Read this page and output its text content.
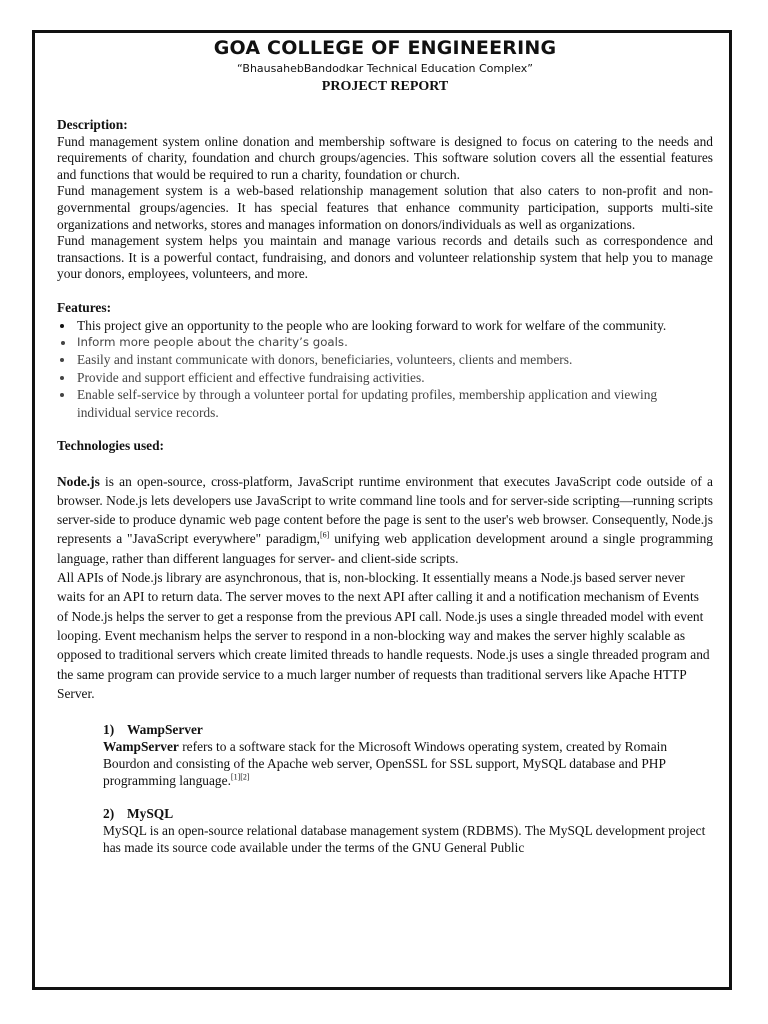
GOA COLLEGE OF ENGINEERING

“BhausahebBandodkar Technical Education Complex”

PROJECT REPORT

Description:

Fund management system online donation and membership software is designed to focus on catering to the needs and requirements of charity, foundation and church groups/agencies. This software solution covers all the essential features and functions that would be required to run a charity, foundation or church.

Fund management system is a web-based relationship management solution that also caters to non-profit and non-governmental groups/agencies. It has special features that enhance community participation, supports multi-site organizations and networks, stores and manages information on donors/individuals as well as organizations.

Fund management system helps you maintain and manage various records and details such as correspondence and transactions. It is a powerful contact, fundraising, and donors and volunteer relationship system that help you to manage your donors, employees, volunteers, and more.

Features:

• This project give an opportunity to the people who are looking forward to work for welfare of the community.
• Inform more people about the charity’s goals.
• Easily and instant communicate with donors, beneficiaries, volunteers, clients and members.
• Provide and support efficient and effective fundraising activities.
• Enable self-service by through a volunteer portal for updating profiles, membership application and viewing individual service records.

Technologies used:

Node.js is an open-source, cross-platform, JavaScript runtime environment that executes JavaScript code outside of a browser. Node.js lets developers use JavaScript to write command line tools and for server-side scripting—running scripts server-side to produce dynamic web page content before the page is sent to the user's web browser. Consequently, Node.js represents a "JavaScript everywhere" paradigm,[6] unifying web application development around a single programming language, rather than different languages for server- and client-side scripts.

All APIs of Node.js library are asynchronous, that is, non-blocking. It essentially means a Node.js based server never waits for an API to return data. The server moves to the next API after calling it and a notification mechanism of Events of Node.js helps the server to get a response from the previous API call. Node.js uses a single threaded model with event looping. Event mechanism helps the server to respond in a non-blocking way and makes the server highly scalable as opposed to traditional servers which create limited threads to handle requests. Node.js uses a single threaded program and the same program can provide service to a much larger number of requests than traditional servers like Apache HTTP Server.

1) WampServer

WampServer refers to a software stack for the Microsoft Windows operating system, created by Romain Bourdon and consisting of the Apache web server, OpenSSL for SSL support, MySQL database and PHP programming language.[1][2]

2) MySQL

MySQL is an open-source relational database management system (RDBMS). The MySQL development project has made its source code available under the terms of the GNU General Public
